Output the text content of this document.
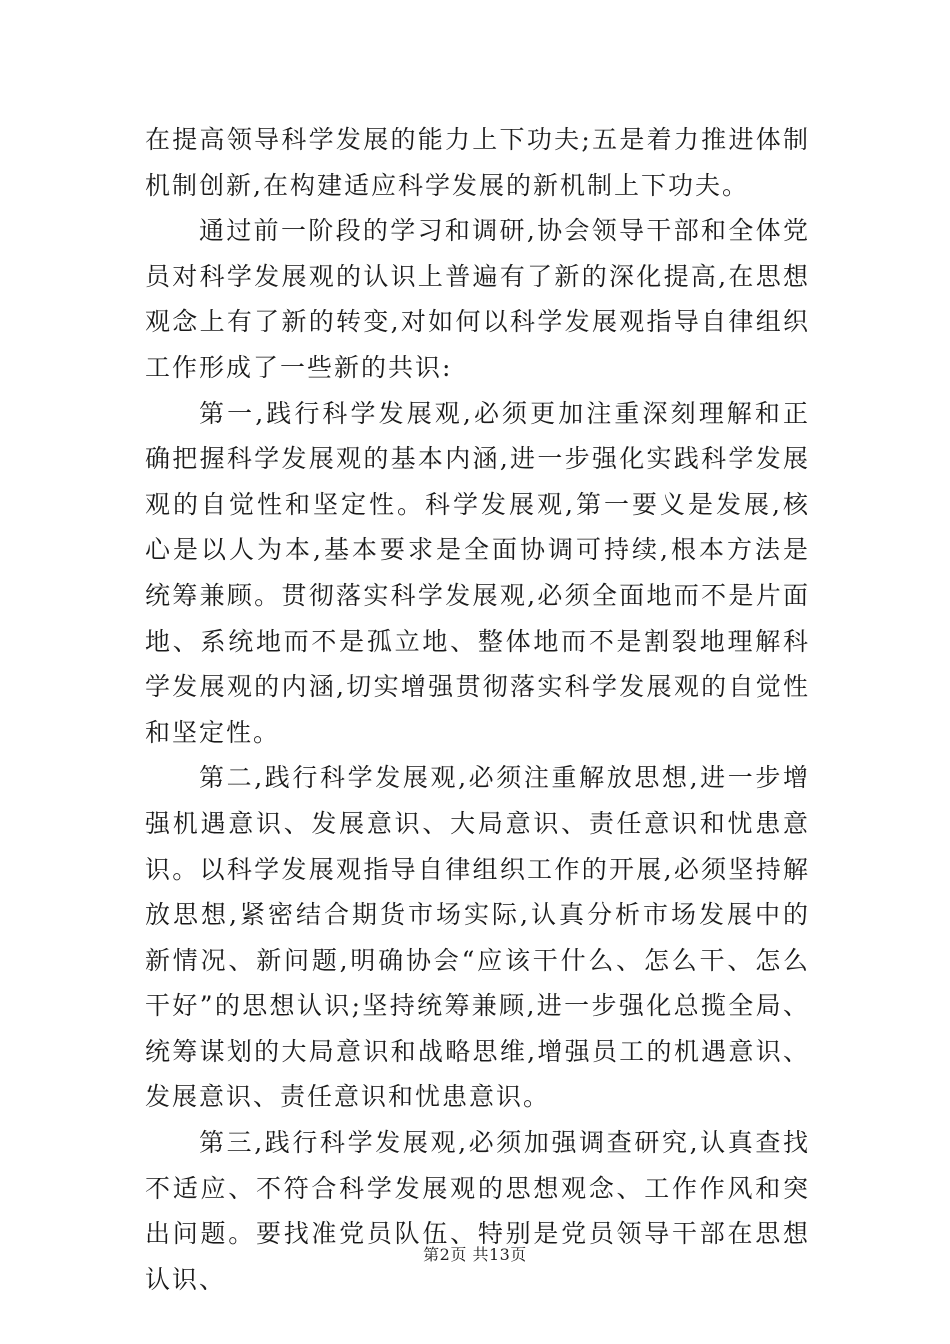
在提高领导科学发展的能力上下功夫;五是着力推进体制机制创新,在构建适应科学发展的新机制上下功夫。

通过前一阶段的学习和调研,协会领导干部和全体党员对科学发展观的认识上普遍有了新的深化提高,在思想观念上有了新的转变,对如何以科学发展观指导自律组织工作形成了一些新的共识:

第一,践行科学发展观,必须更加注重深刻理解和正确把握科学发展观的基本内涵,进一步强化实践科学发展观的自觉性和坚定性。科学发展观,第一要义是发展,核心是以人为本,基本要求是全面协调可持续,根本方法是统筹兼顾。贯彻落实科学发展观,必须全面地而不是片面地、系统地而不是孤立地、整体地而不是割裂地理解科学发展观的内涵,切实增强贯彻落实科学发展观的自觉性和坚定性。

第二,践行科学发展观,必须注重解放思想,进一步增强机遇意识、发展意识、大局意识、责任意识和忧患意识。以科学发展观指导自律组织工作的开展,必须坚持解放思想,紧密结合期货市场实际,认真分析市场发展中的新情况、新问题,明确协会“应该干什么、怎么干、怎么干好”的思想认识;坚持统筹兼顾,进一步强化总揽全局、统筹谋划的大局意识和战略思维,增强员工的机遇意识、发展意识、责任意识和忧患意识。

第三,践行科学发展观,必须加强调查研究,认真查找不适应、不符合科学发展观的思想观念、工作作风和突出问题。要找准党员队伍、特别是党员领导干部在思想认识、

第2页 共13页
